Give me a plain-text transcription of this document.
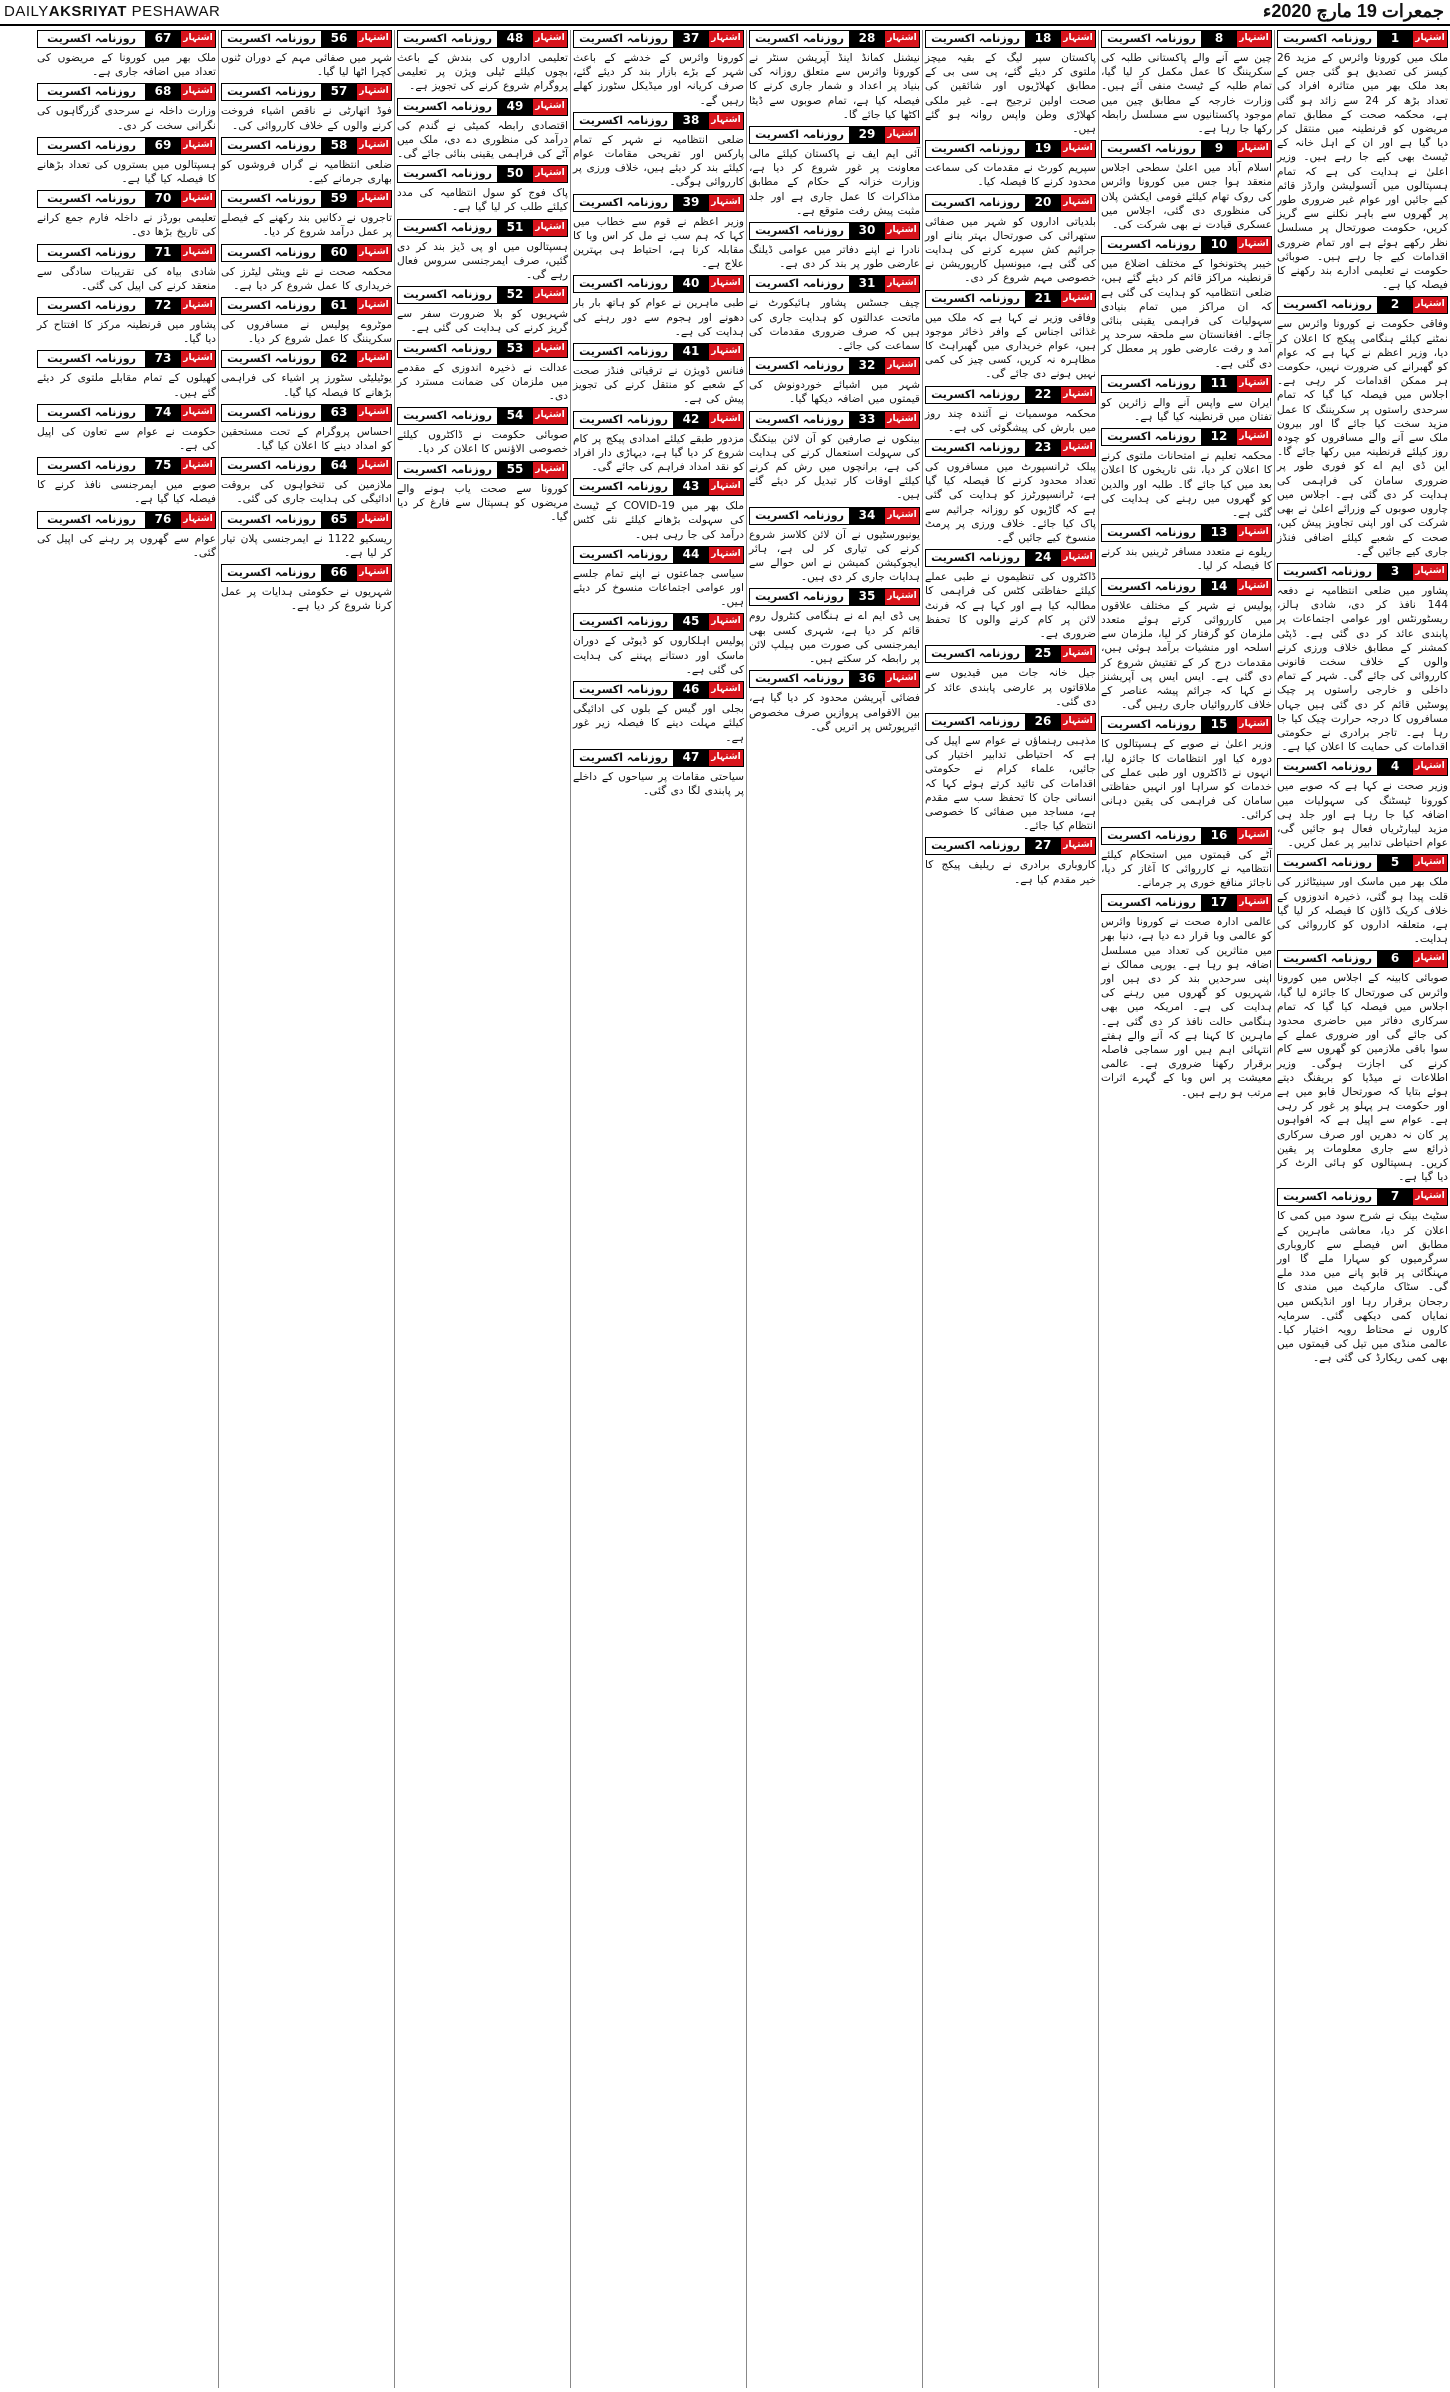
DAILYAKSRIYAT PESHAWAR	جمعرات 19 مارچ 2020ء
روزنامہ اکسریت	1	اشتہار
ملک میں کورونا وائرس کے مزید 26 کیسز کی تصدیق ہو گئی جس کے بعد ملک بھر میں متاثرہ افراد کی تعداد بڑھ کر 24 سے زائد ہو گئی ہے، محکمہ صحت کے مطابق تمام مریضوں کو قرنطینہ میں منتقل کر دیا گیا ہے اور ان کے اہل خانہ کے ٹیسٹ بھی کیے جا رہے ہیں۔ وزیر اعلیٰ نے ہدایت کی ہے کہ تمام ہسپتالوں میں آئسولیشن وارڈز قائم کیے جائیں اور عوام غیر ضروری طور پر گھروں سے باہر نکلنے سے گریز کریں، حکومت صورتحال پر مسلسل نظر رکھے ہوئے ہے اور تمام ضروری اقدامات کیے جا رہے ہیں۔ صوبائی حکومت نے تعلیمی ادارے بند رکھنے کا فیصلہ کیا ہے۔
روزنامہ اکسریت	2	اشتہار
وفاقی حکومت نے کورونا وائرس سے نمٹنے کیلئے ہنگامی پیکج کا اعلان کر دیا، وزیر اعظم نے کہا ہے کہ عوام کو گھبرانے کی ضرورت نہیں، حکومت ہر ممکن اقدامات کر رہی ہے۔ اجلاس میں فیصلہ کیا گیا کہ تمام سرحدی راستوں پر سکریننگ کا عمل مزید سخت کیا جائے گا اور بیرون ملک سے آنے والے مسافروں کو چودہ روز کیلئے قرنطینہ میں رکھا جائے گا۔ این ڈی ایم اے کو فوری طور پر ضروری سامان کی فراہمی کی ہدایت کر دی گئی ہے۔ اجلاس میں چاروں صوبوں کے وزرائے اعلیٰ نے بھی شرکت کی اور اپنی تجاویز پیش کیں، صحت کے شعبے کیلئے اضافی فنڈز جاری کیے جائیں گے۔
روزنامہ اکسریت	3	اشتہار
پشاور میں ضلعی انتظامیہ نے دفعہ 144 نافذ کر دی، شادی ہالز، ریسٹورنٹس اور عوامی اجتماعات پر پابندی عائد کر دی گئی ہے۔ ڈپٹی کمشنر کے مطابق خلاف ورزی کرنے والوں کے خلاف سخت قانونی کارروائی کی جائے گی۔ شہر کے تمام داخلی و خارجی راستوں پر چیک پوسٹیں قائم کر دی گئی ہیں جہاں مسافروں کا درجہ حرارت چیک کیا جا رہا ہے۔ تاجر برادری نے حکومتی اقدامات کی حمایت کا اعلان کیا ہے۔
روزنامہ اکسریت	4	اشتہار
وزیر صحت نے کہا ہے کہ صوبے میں کورونا ٹیسٹنگ کی سہولیات میں اضافہ کیا جا رہا ہے اور جلد ہی مزید لیبارٹریاں فعال ہو جائیں گی، عوام احتیاطی تدابیر پر عمل کریں۔
روزنامہ اکسریت	5	اشتہار
ملک بھر میں ماسک اور سینیٹائزر کی قلت پیدا ہو گئی، ذخیرہ اندوزوں کے خلاف کریک ڈاؤن کا فیصلہ کر لیا گیا ہے، متعلقہ اداروں کو کارروائی کی ہدایت۔
روزنامہ اکسریت	6	اشتہار
صوبائی کابینہ کے اجلاس میں کورونا وائرس کی صورتحال کا جائزہ لیا گیا، اجلاس میں فیصلہ کیا گیا کہ تمام سرکاری دفاتر میں حاضری محدود کی جائے گی اور ضروری عملے کے سوا باقی ملازمین کو گھروں سے کام کرنے کی اجازت ہوگی۔ وزیر اطلاعات نے میڈیا کو بریفنگ دیتے ہوئے بتایا کہ صورتحال قابو میں ہے اور حکومت ہر پہلو پر غور کر رہی ہے۔ عوام سے اپیل ہے کہ افواہوں پر کان نہ دھریں اور صرف سرکاری ذرائع سے جاری معلومات پر یقین کریں۔ ہسپتالوں کو ہائی الرٹ کر دیا گیا ہے۔
روزنامہ اکسریت	7	اشتہار
سٹیٹ بینک نے شرح سود میں کمی کا اعلان کر دیا، معاشی ماہرین کے مطابق اس فیصلے سے کاروباری سرگرمیوں کو سہارا ملے گا اور مہنگائی پر قابو پانے میں مدد ملے گی۔ سٹاک مارکیٹ میں مندی کا رجحان برقرار رہا اور انڈیکس میں نمایاں کمی دیکھی گئی۔ سرمایہ کاروں نے محتاط رویہ اختیار کیا۔ عالمی منڈی میں تیل کی قیمتوں میں بھی کمی ریکارڈ کی گئی ہے۔
روزنامہ اکسریت	8	اشتہار
چین سے آنے والے پاکستانی طلبہ کی سکریننگ کا عمل مکمل کر لیا گیا، تمام طلبہ کے ٹیسٹ منفی آئے ہیں۔ وزارت خارجہ کے مطابق چین میں موجود پاکستانیوں سے مسلسل رابطہ رکھا جا رہا ہے۔
روزنامہ اکسریت	9	اشتہار
اسلام آباد میں اعلیٰ سطحی اجلاس منعقد ہوا جس میں کورونا وائرس کی روک تھام کیلئے قومی ایکشن پلان کی منظوری دی گئی، اجلاس میں عسکری قیادت نے بھی شرکت کی۔
روزنامہ اکسریت	10	اشتہار
خیبر پختونخوا کے مختلف اضلاع میں قرنطینہ مراکز قائم کر دیئے گئے ہیں، ضلعی انتظامیہ کو ہدایت کی گئی ہے کہ ان مراکز میں تمام بنیادی سہولیات کی فراہمی یقینی بنائی جائے۔ افغانستان سے ملحقہ سرحد پر آمد و رفت عارضی طور پر معطل کر دی گئی ہے۔
روزنامہ اکسریت	11	اشتہار
ایران سے واپس آنے والے زائرین کو تفتان میں قرنطینہ کیا گیا ہے۔
روزنامہ اکسریت	12	اشتہار
محکمہ تعلیم نے امتحانات ملتوی کرنے کا اعلان کر دیا، نئی تاریخوں کا اعلان بعد میں کیا جائے گا۔ طلبہ اور والدین کو گھروں میں رہنے کی ہدایت کی گئی ہے۔
روزنامہ اکسریت	13	اشتہار
ریلوے نے متعدد مسافر ٹرینیں بند کرنے کا فیصلہ کر لیا۔
روزنامہ اکسریت	14	اشتہار
پولیس نے شہر کے مختلف علاقوں میں کارروائی کرتے ہوئے متعدد ملزمان کو گرفتار کر لیا، ملزمان سے اسلحہ اور منشیات برآمد ہوئی ہیں، مقدمات درج کر کے تفتیش شروع کر دی گئی ہے۔ ایس ایس پی آپریشنز نے کہا کہ جرائم پیشہ عناصر کے خلاف کارروائیاں جاری رہیں گی۔
روزنامہ اکسریت	15	اشتہار
وزیر اعلیٰ نے صوبے کے ہسپتالوں کا دورہ کیا اور انتظامات کا جائزہ لیا، انہوں نے ڈاکٹروں اور طبی عملے کی خدمات کو سراہا اور انہیں حفاظتی سامان کی فراہمی کی یقین دہانی کرائی۔
روزنامہ اکسریت	16	اشتہار
آٹے کی قیمتوں میں استحکام کیلئے انتظامیہ نے کارروائی کا آغاز کر دیا، ناجائز منافع خوری پر جرمانے۔
روزنامہ اکسریت	17	اشتہار
عالمی ادارہ صحت نے کورونا وائرس کو عالمی وبا قرار دے دیا ہے، دنیا بھر میں متاثرین کی تعداد میں مسلسل اضافہ ہو رہا ہے۔ یورپی ممالک نے اپنی سرحدیں بند کر دی ہیں اور شہریوں کو گھروں میں رہنے کی ہدایت کی ہے۔ امریکہ میں بھی ہنگامی حالت نافذ کر دی گئی ہے۔ ماہرین کا کہنا ہے کہ آنے والے ہفتے انتہائی اہم ہیں اور سماجی فاصلہ برقرار رکھنا ضروری ہے۔ عالمی معیشت پر اس وبا کے گہرے اثرات مرتب ہو رہے ہیں۔
روزنامہ اکسریت	18	اشتہار
پاکستان سپر لیگ کے بقیہ میچز ملتوی کر دیئے گئے، پی سی بی کے مطابق کھلاڑیوں اور شائقین کی صحت اولین ترجیح ہے۔ غیر ملکی کھلاڑی وطن واپس روانہ ہو گئے ہیں۔
روزنامہ اکسریت	19	اشتہار
سپریم کورٹ نے مقدمات کی سماعت محدود کرنے کا فیصلہ کیا۔
روزنامہ اکسریت	20	اشتہار
بلدیاتی اداروں کو شہر میں صفائی ستھرائی کی صورتحال بہتر بنانے اور جراثیم کش سپرے کرنے کی ہدایت کی گئی ہے، میونسپل کارپوریشن نے خصوصی مہم شروع کر دی۔
روزنامہ اکسریت	21	اشتہار
وفاقی وزیر نے کہا ہے کہ ملک میں غذائی اجناس کے وافر ذخائر موجود ہیں، عوام خریداری میں گھبراہٹ کا مظاہرہ نہ کریں، کسی چیز کی کمی نہیں ہونے دی جائے گی۔
روزنامہ اکسریت	22	اشتہار
محکمہ موسمیات نے آئندہ چند روز میں بارش کی پیشگوئی کی ہے۔
روزنامہ اکسریت	23	اشتہار
پبلک ٹرانسپورٹ میں مسافروں کی تعداد محدود کرنے کا فیصلہ کیا گیا ہے، ٹرانسپورٹرز کو ہدایت کی گئی ہے کہ گاڑیوں کو روزانہ جراثیم سے پاک کیا جائے۔ خلاف ورزی پر پرمٹ منسوخ کیے جائیں گے۔
روزنامہ اکسریت	24	اشتہار
ڈاکٹروں کی تنظیموں نے طبی عملے کیلئے حفاظتی کٹس کی فراہمی کا مطالبہ کیا ہے اور کہا ہے کہ فرنٹ لائن پر کام کرنے والوں کا تحفظ ضروری ہے۔
روزنامہ اکسریت	25	اشتہار
جیل خانہ جات میں قیدیوں سے ملاقاتوں پر عارضی پابندی عائد کر دی گئی۔
روزنامہ اکسریت	26	اشتہار
مذہبی رہنماؤں نے عوام سے اپیل کی ہے کہ احتیاطی تدابیر اختیار کی جائیں، علماء کرام نے حکومتی اقدامات کی تائید کرتے ہوئے کہا کہ انسانی جان کا تحفظ سب سے مقدم ہے، مساجد میں صفائی کا خصوصی انتظام کیا جائے۔
روزنامہ اکسریت	27	اشتہار
کاروباری برادری نے ریلیف پیکج کا خیر مقدم کیا ہے۔
روزنامہ اکسریت	28	اشتہار
نیشنل کمانڈ اینڈ آپریشن سنٹر نے کورونا وائرس سے متعلق روزانہ کی بنیاد پر اعداد و شمار جاری کرنے کا فیصلہ کیا ہے، تمام صوبوں سے ڈیٹا اکٹھا کیا جائے گا۔
روزنامہ اکسریت	29	اشتہار
آئی ایم ایف نے پاکستان کیلئے مالی معاونت پر غور شروع کر دیا ہے، وزارت خزانہ کے حکام کے مطابق مذاکرات کا عمل جاری ہے اور جلد مثبت پیش رفت متوقع ہے۔
روزنامہ اکسریت	30	اشتہار
نادرا نے اپنے دفاتر میں عوامی ڈیلنگ عارضی طور پر بند کر دی ہے۔
روزنامہ اکسریت	31	اشتہار
چیف جسٹس پشاور ہائیکورٹ نے ماتحت عدالتوں کو ہدایت جاری کی ہیں کہ صرف ضروری مقدمات کی سماعت کی جائے۔
روزنامہ اکسریت	32	اشتہار
شہر میں اشیائے خوردونوش کی قیمتوں میں اضافہ دیکھا گیا۔
روزنامہ اکسریت	33	اشتہار
بینکوں نے صارفین کو آن لائن بینکنگ کی سہولت استعمال کرنے کی ہدایت کی ہے، برانچوں میں رش کم کرنے کیلئے اوقات کار تبدیل کر دیئے گئے ہیں۔
روزنامہ اکسریت	34	اشتہار
یونیورسٹیوں نے آن لائن کلاسز شروع کرنے کی تیاری کر لی ہے، ہائر ایجوکیشن کمیشن نے اس حوالے سے ہدایات جاری کر دی ہیں۔
روزنامہ اکسریت	35	اشتہار
پی ڈی ایم اے نے ہنگامی کنٹرول روم قائم کر دیا ہے، شہری کسی بھی ایمرجنسی کی صورت میں ہیلپ لائن پر رابطہ کر سکتے ہیں۔
روزنامہ اکسریت	36	اشتہار
فضائی آپریشن محدود کر دیا گیا ہے، بین الاقوامی پروازیں صرف مخصوص ائیرپورٹس پر اتریں گی۔
روزنامہ اکسریت	37	اشتہار
کورونا وائرس کے خدشے کے باعث شہر کے بڑے بازار بند کر دیئے گئے، صرف کریانہ اور میڈیکل سٹورز کھلے رہیں گے۔
روزنامہ اکسریت	38	اشتہار
ضلعی انتظامیہ نے شہر کے تمام پارکس اور تفریحی مقامات عوام کیلئے بند کر دیئے ہیں، خلاف ورزی پر کارروائی ہوگی۔
روزنامہ اکسریت	39	اشتہار
وزیر اعظم نے قوم سے خطاب میں کہا کہ ہم سب نے مل کر اس وبا کا مقابلہ کرنا ہے، احتیاط ہی بہترین علاج ہے۔
روزنامہ اکسریت	40	اشتہار
طبی ماہرین نے عوام کو ہاتھ بار بار دھونے اور ہجوم سے دور رہنے کی ہدایت کی ہے۔
روزنامہ اکسریت	41	اشتہار
فنانس ڈویژن نے ترقیاتی فنڈز صحت کے شعبے کو منتقل کرنے کی تجویز پیش کی ہے۔
روزنامہ اکسریت	42	اشتہار
مزدور طبقے کیلئے امدادی پیکج پر کام شروع کر دیا گیا ہے، دیہاڑی دار افراد کو نقد امداد فراہم کی جائے گی۔
روزنامہ اکسریت	43	اشتہار
ملک بھر میں 19-COVID کے ٹیسٹ کی سہولت بڑھانے کیلئے نئی کٹس درآمد کی جا رہی ہیں۔
روزنامہ اکسریت	44	اشتہار
سیاسی جماعتوں نے اپنے تمام جلسے اور عوامی اجتماعات منسوخ کر دیئے ہیں۔
روزنامہ اکسریت	45	اشتہار
پولیس اہلکاروں کو ڈیوٹی کے دوران ماسک اور دستانے پہننے کی ہدایت کی گئی ہے۔
روزنامہ اکسریت	46	اشتہار
بجلی اور گیس کے بلوں کی ادائیگی کیلئے مہلت دینے کا فیصلہ زیر غور ہے۔
روزنامہ اکسریت	47	اشتہار
سیاحتی مقامات پر سیاحوں کے داخلے پر پابندی لگا دی گئی۔
روزنامہ اکسریت	48	اشتہار
تعلیمی اداروں کی بندش کے باعث بچوں کیلئے ٹیلی ویژن پر تعلیمی پروگرام شروع کرنے کی تجویز ہے۔
روزنامہ اکسریت	49	اشتہار
اقتصادی رابطہ کمیٹی نے گندم کی درآمد کی منظوری دے دی، ملک میں آٹے کی فراہمی یقینی بنائی جائے گی۔
روزنامہ اکسریت	50	اشتہار
پاک فوج کو سول انتظامیہ کی مدد کیلئے طلب کر لیا گیا ہے۔
روزنامہ اکسریت	51	اشتہار
ہسپتالوں میں او پی ڈیز بند کر دی گئیں، صرف ایمرجنسی سروس فعال رہے گی۔
روزنامہ اکسریت	52	اشتہار
شہریوں کو بلا ضرورت سفر سے گریز کرنے کی ہدایت کی گئی ہے۔
روزنامہ اکسریت	53	اشتہار
عدالت نے ذخیرہ اندوزی کے مقدمے میں ملزمان کی ضمانت مسترد کر دی۔
روزنامہ اکسریت	54	اشتہار
صوبائی حکومت نے ڈاکٹروں کیلئے خصوصی الاؤنس کا اعلان کر دیا۔
روزنامہ اکسریت	55	اشتہار
کورونا سے صحت یاب ہونے والے مریضوں کو ہسپتال سے فارغ کر دیا گیا۔
روزنامہ اکسریت	56	اشتہار
شہر میں صفائی مہم کے دوران ٹنوں کچرا اٹھا لیا گیا۔
روزنامہ اکسریت	57	اشتہار
فوڈ اتھارٹی نے ناقص اشیاء فروخت کرنے والوں کے خلاف کارروائی کی۔
روزنامہ اکسریت	58	اشتہار
ضلعی انتظامیہ نے گراں فروشوں کو بھاری جرمانے کیے۔
روزنامہ اکسریت	59	اشتہار
تاجروں نے دکانیں بند رکھنے کے فیصلے پر عمل درآمد شروع کر دیا۔
روزنامہ اکسریت	60	اشتہار
محکمہ صحت نے نئے وینٹی لیٹرز کی خریداری کا عمل شروع کر دیا ہے۔
روزنامہ اکسریت	61	اشتہار
موٹروے پولیس نے مسافروں کی سکریننگ کا عمل شروع کر دیا۔
روزنامہ اکسریت	62	اشتہار
یوٹیلیٹی سٹورز پر اشیاء کی فراہمی بڑھانے کا فیصلہ کیا گیا۔
روزنامہ اکسریت	63	اشتہار
احساس پروگرام کے تحت مستحقین کو امداد دینے کا اعلان کیا گیا۔
روزنامہ اکسریت	64	اشتہار
ملازمین کی تنخواہوں کی بروقت ادائیگی کی ہدایت جاری کی گئی۔
روزنامہ اکسریت	65	اشتہار
ریسکیو 1122 نے ایمرجنسی پلان تیار کر لیا ہے۔
روزنامہ اکسریت	66	اشتہار
شہریوں نے حکومتی ہدایات پر عمل کرنا شروع کر دیا ہے۔
روزنامہ اکسریت	67	اشتہار
ملک بھر میں کورونا کے مریضوں کی تعداد میں اضافہ جاری ہے۔
روزنامہ اکسریت	68	اشتہار
وزارت داخلہ نے سرحدی گزرگاہوں کی نگرانی سخت کر دی۔
روزنامہ اکسریت	69	اشتہار
ہسپتالوں میں بستروں کی تعداد بڑھانے کا فیصلہ کیا گیا ہے۔
روزنامہ اکسریت	70	اشتہار
تعلیمی بورڈز نے داخلہ فارم جمع کرانے کی تاریخ بڑھا دی۔
روزنامہ اکسریت	71	اشتہار
شادی بیاہ کی تقریبات سادگی سے منعقد کرنے کی اپیل کی گئی۔
روزنامہ اکسریت	72	اشتہار
پشاور میں قرنطینہ مرکز کا افتتاح کر دیا گیا۔
روزنامہ اکسریت	73	اشتہار
کھیلوں کے تمام مقابلے ملتوی کر دیئے گئے ہیں۔
روزنامہ اکسریت	74	اشتہار
حکومت نے عوام سے تعاون کی اپیل کی ہے۔
روزنامہ اکسریت	75	اشتہار
صوبے میں ایمرجنسی نافذ کرنے کا فیصلہ کیا گیا ہے۔
روزنامہ اکسریت	76	اشتہار
عوام سے گھروں پر رہنے کی اپیل کی گئی۔
